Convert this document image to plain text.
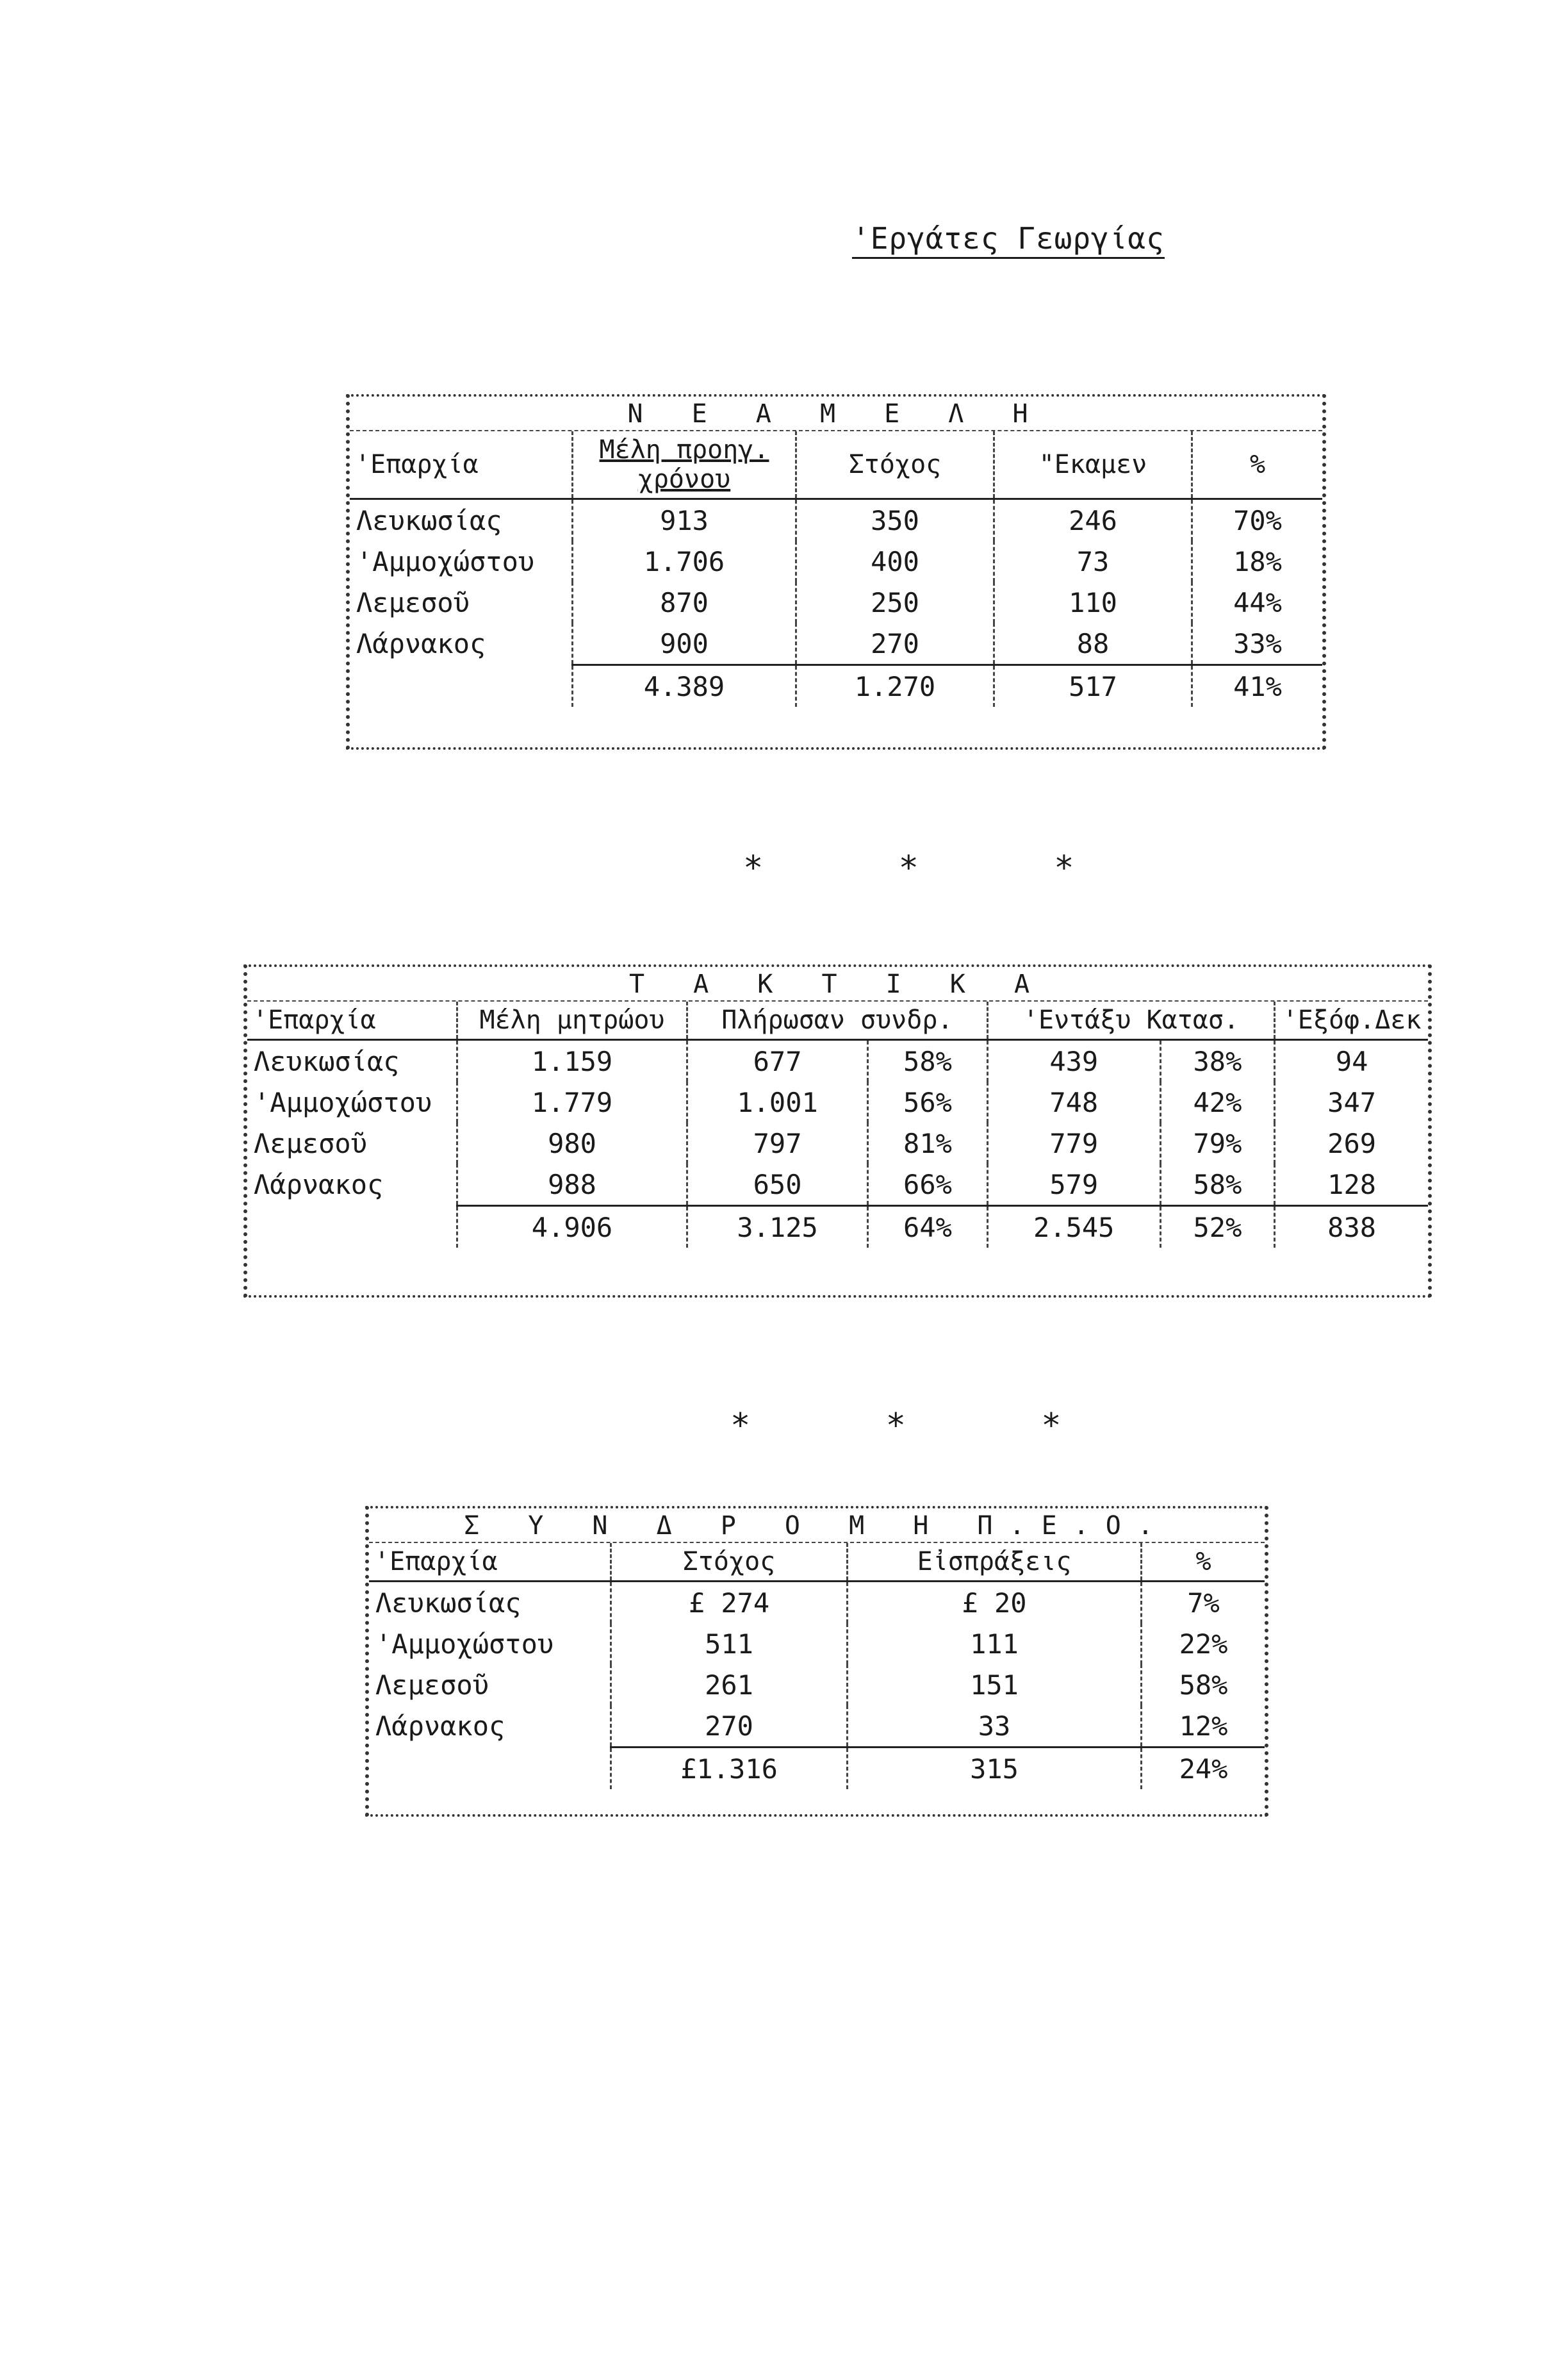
'Εργάτες Γεωργίας
Ν Ε Α Μ Ε Λ Η
'Επαρχία	Μέλη προηγ. χρόνου	Στόχος	"Εκαμεν	%
Λευκωσίας	913	350	246	70%
'Αμμοχώστου	1.706	400	73	18%
Λεμεσοῦ	870	250	110	44%
Λάρνακος	900	270	88	33%
	4.389	1.270	517	41%
* * *
Τ Α Κ Τ Ι Κ Α
'Επαρχία	Μέλη μητρώου	Πλήρωσαν συνδρ.		'Εντάξυ Κατασ.		'Εξόφ.Δεκ
Λευκωσίας	1.159	677	58%	439	38%	94
'Αμμοχώστου	1.779	1.001	56%	748	42%	347
Λεμεσοῦ	980	797	81%	779	79%	269
Λάρνακος	988	650	66%	579	58%	128
	4.906	3.125	64%	2.545	52%	838
* * *
Σ Υ Ν Δ Ρ Ο Μ Η Π.Ε.Ο.
'Επαρχία	Στόχος	Εἰσπράξεις	%
Λευκωσίας	£ 274	£ 20	7%
'Αμμοχώστου	511	111	22%
Λεμεσοῦ	261	151	58%
Λάρνακος	270	33	12%
	£1.316	315	24%
